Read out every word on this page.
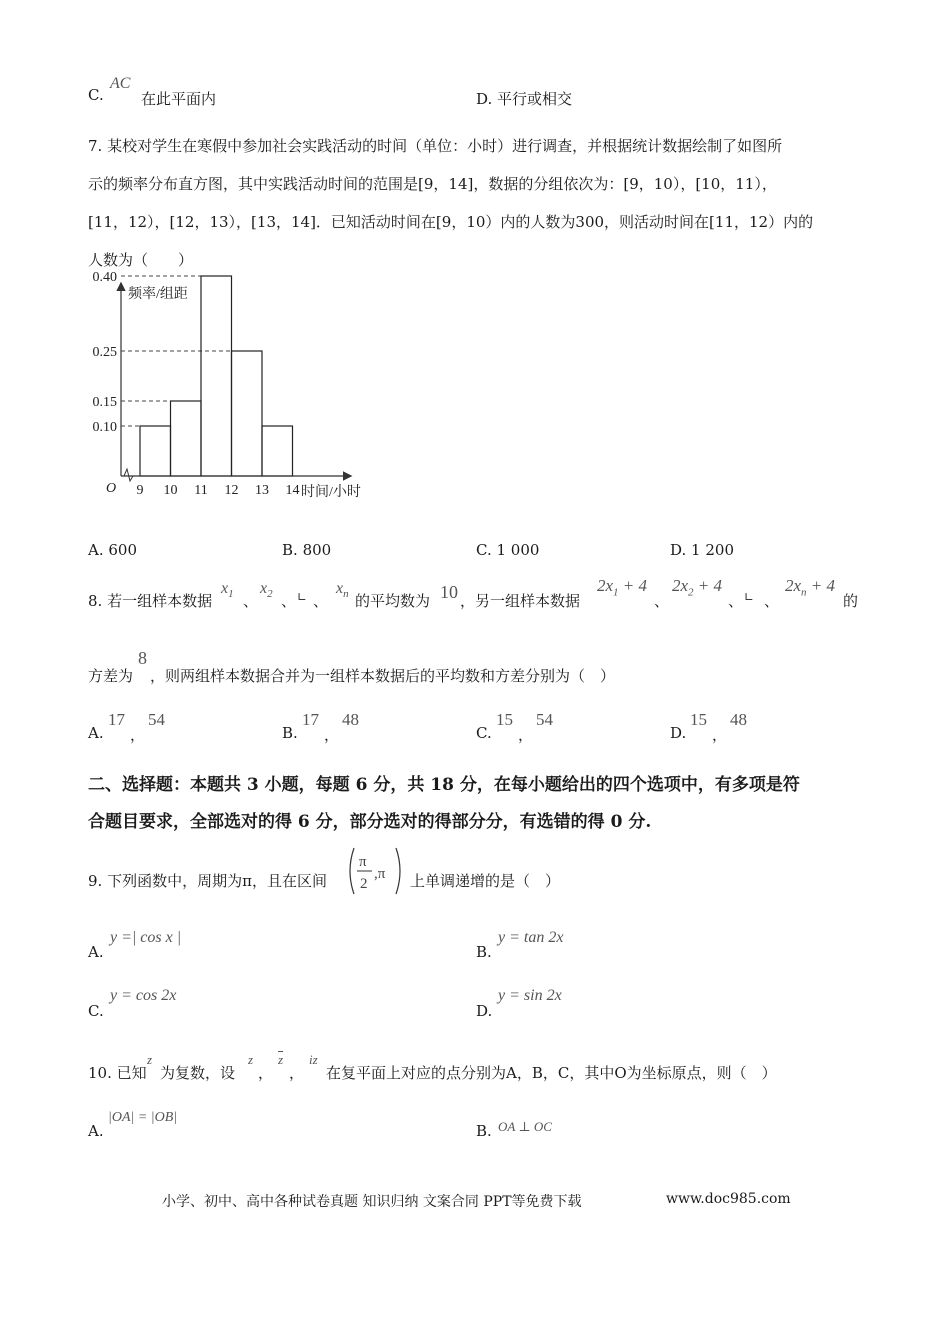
C.
AC
在此平面内	D. 平行或相交

7. 某校对学生在寒假中参加社会实践活动的时间（单位：小时）进行调查，并根据统计数据绘制了如图所

示的频率分布直方图，其中实践活动时间的范围是[9，14]，数据的分组依次为：[9，10），[10，11），

[11，12），[12，13），[13，14]．已知活动时间在[9，10）内的人数为300，则活动时间在[11，12）内的

人数为（　　）

频率/组距
时间/小时
O
0.10
0.15
0.25
0.40
9 10 11 12 13 14
A. 600	B. 800	C. 1 000	D. 1 200
8. 若一组样本数据
$x_1$ 、
$x_2$ 、 ∟ 、
$x_n$ 的平均数为 10 ，另一组样本数据
$2x_1 + 4$
、
$2x_2 + 4$
、 ∟ 、
$2x_n + 4$
的
方差为
8
，则两组样本数据合并为一组样本数据后的平均数和方差分别为（　）
A.
17
，
54
B.
17
，
48
C.
15
，
54
D.
15
，
48
二、选择题：本题共 3 小题，每题 6 分，共 18 分，在每小题给出的四个选项中，有多项是符
合题目要求，全部选对的得 6 分，部分选对的得部分分，有选错的得 0 分.
9. 下列函数中，周期为π，且在区间
π
2
,π 上单调递增的是（　）
A.
y =| cos x |
B.
y = tan 2x
C.
y = cos 2x
D.
y = sin 2x
10. 已知
z
为复数，设
z
，
$\overline{z}$
，
iz
在复平面上对应的点分别为A，B，C，其中O为坐标原点，则（　）
A.
|OA| = |OB|
B. OA ⊥ OC
小学、初中、高中各种试卷真题 知识归纳 文案合同 PPT等免费下载	www.doc985.com
